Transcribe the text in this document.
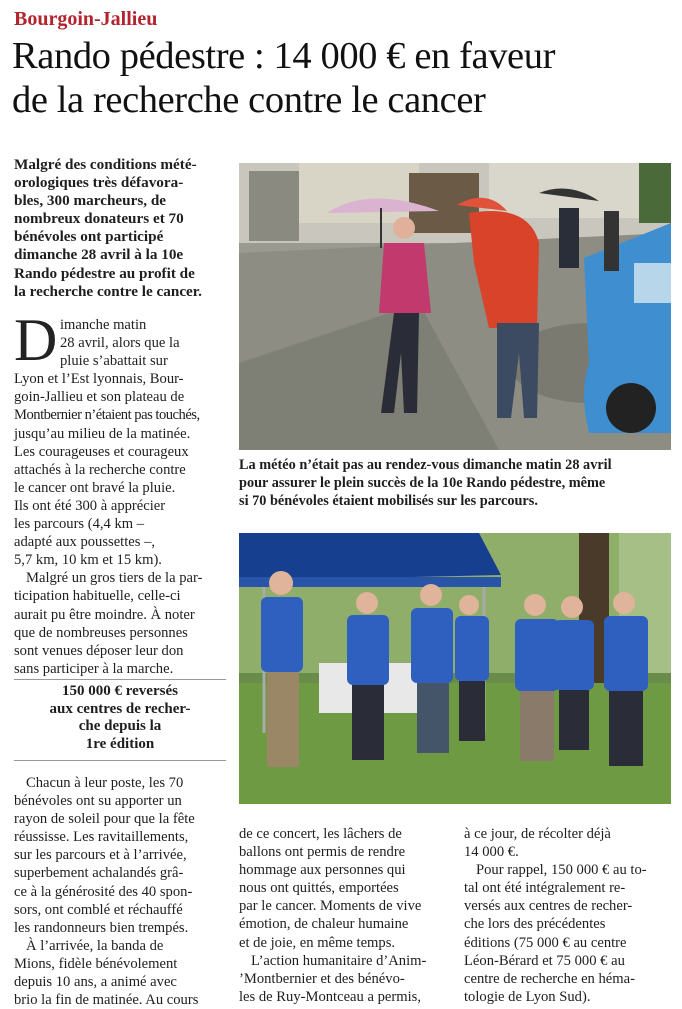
Bourgoin-Jallieu
Rando pédestre : 14 000 € en faveur
de la recherche contre le cancer
Malgré des conditions mété-
orologiques très défavora-
bles, 300 marcheurs, de
nombreux donateurs et 70
bénévoles ont participé
dimanche 28 avril à la 10e
Rando pédestre au profit de
la recherche contre le cancer.
D imanche matin
28 avril, alors que la
pluie s’abattait sur
Lyon et l’Est lyonnais, Bour-
goin-Jallieu et son plateau de
Montbernier n’étaient pas touchés,
jusqu’au milieu de la matinée.
Les courageuses et courageux
attachés à la recherche contre
le cancer ont bravé la pluie.
Ils ont été 300 à apprécier
les parcours (4,4 km –
adapté aux poussettes –,
5,7 km, 10 km et 15 km).
Malgré un gros tiers de la par-
ticipation habituelle, celle-ci
aurait pu être moindre. À noter
que de nombreuses personnes
sont venues déposer leur don
sans participer à la marche.
150 000 € reversés
aux centres de recher-
che depuis la
1re édition
Chacun à leur poste, les 70
bénévoles ont su apporter un
rayon de soleil pour que la fête
réussisse. Les ravitaillements,
sur les parcours et à l’arrivée,
superbement achalandés grâ-
ce à la générosité des 40 spon-
sors, ont comblé et réchauffé
les randonneurs bien trempés.
À l’arrivée, la banda de
Mions, fidèle bénévolement
depuis 10 ans, a animé avec
brio la fin de matinée. Au cours
de ce concert, les lâchers de
ballons ont permis de rendre
hommage aux personnes qui
nous ont quittés, emportées
par le cancer. Moments de vive
émotion, de chaleur humaine
et de joie, en même temps.
L’action humanitaire d’Anim-
’Montbernier et des bénévo-
les de Ruy-Montceau a permis,
à ce jour, de récolter déjà
14 000 €.
Pour rappel, 150 000 € au to-
tal ont été intégralement re-
versés aux centres de recher-
che lors des précédentes
éditions (75 000 € au centre
Léon-Bérard et 75 000 € au
centre de recherche en héma-
tologie de Lyon Sud).
La météo n’était pas au rendez-vous dimanche matin 28 avril
pour assurer le plein succès de la 10e Rando pédestre, même
si 70 bénévoles étaient mobilisés sur les parcours.
